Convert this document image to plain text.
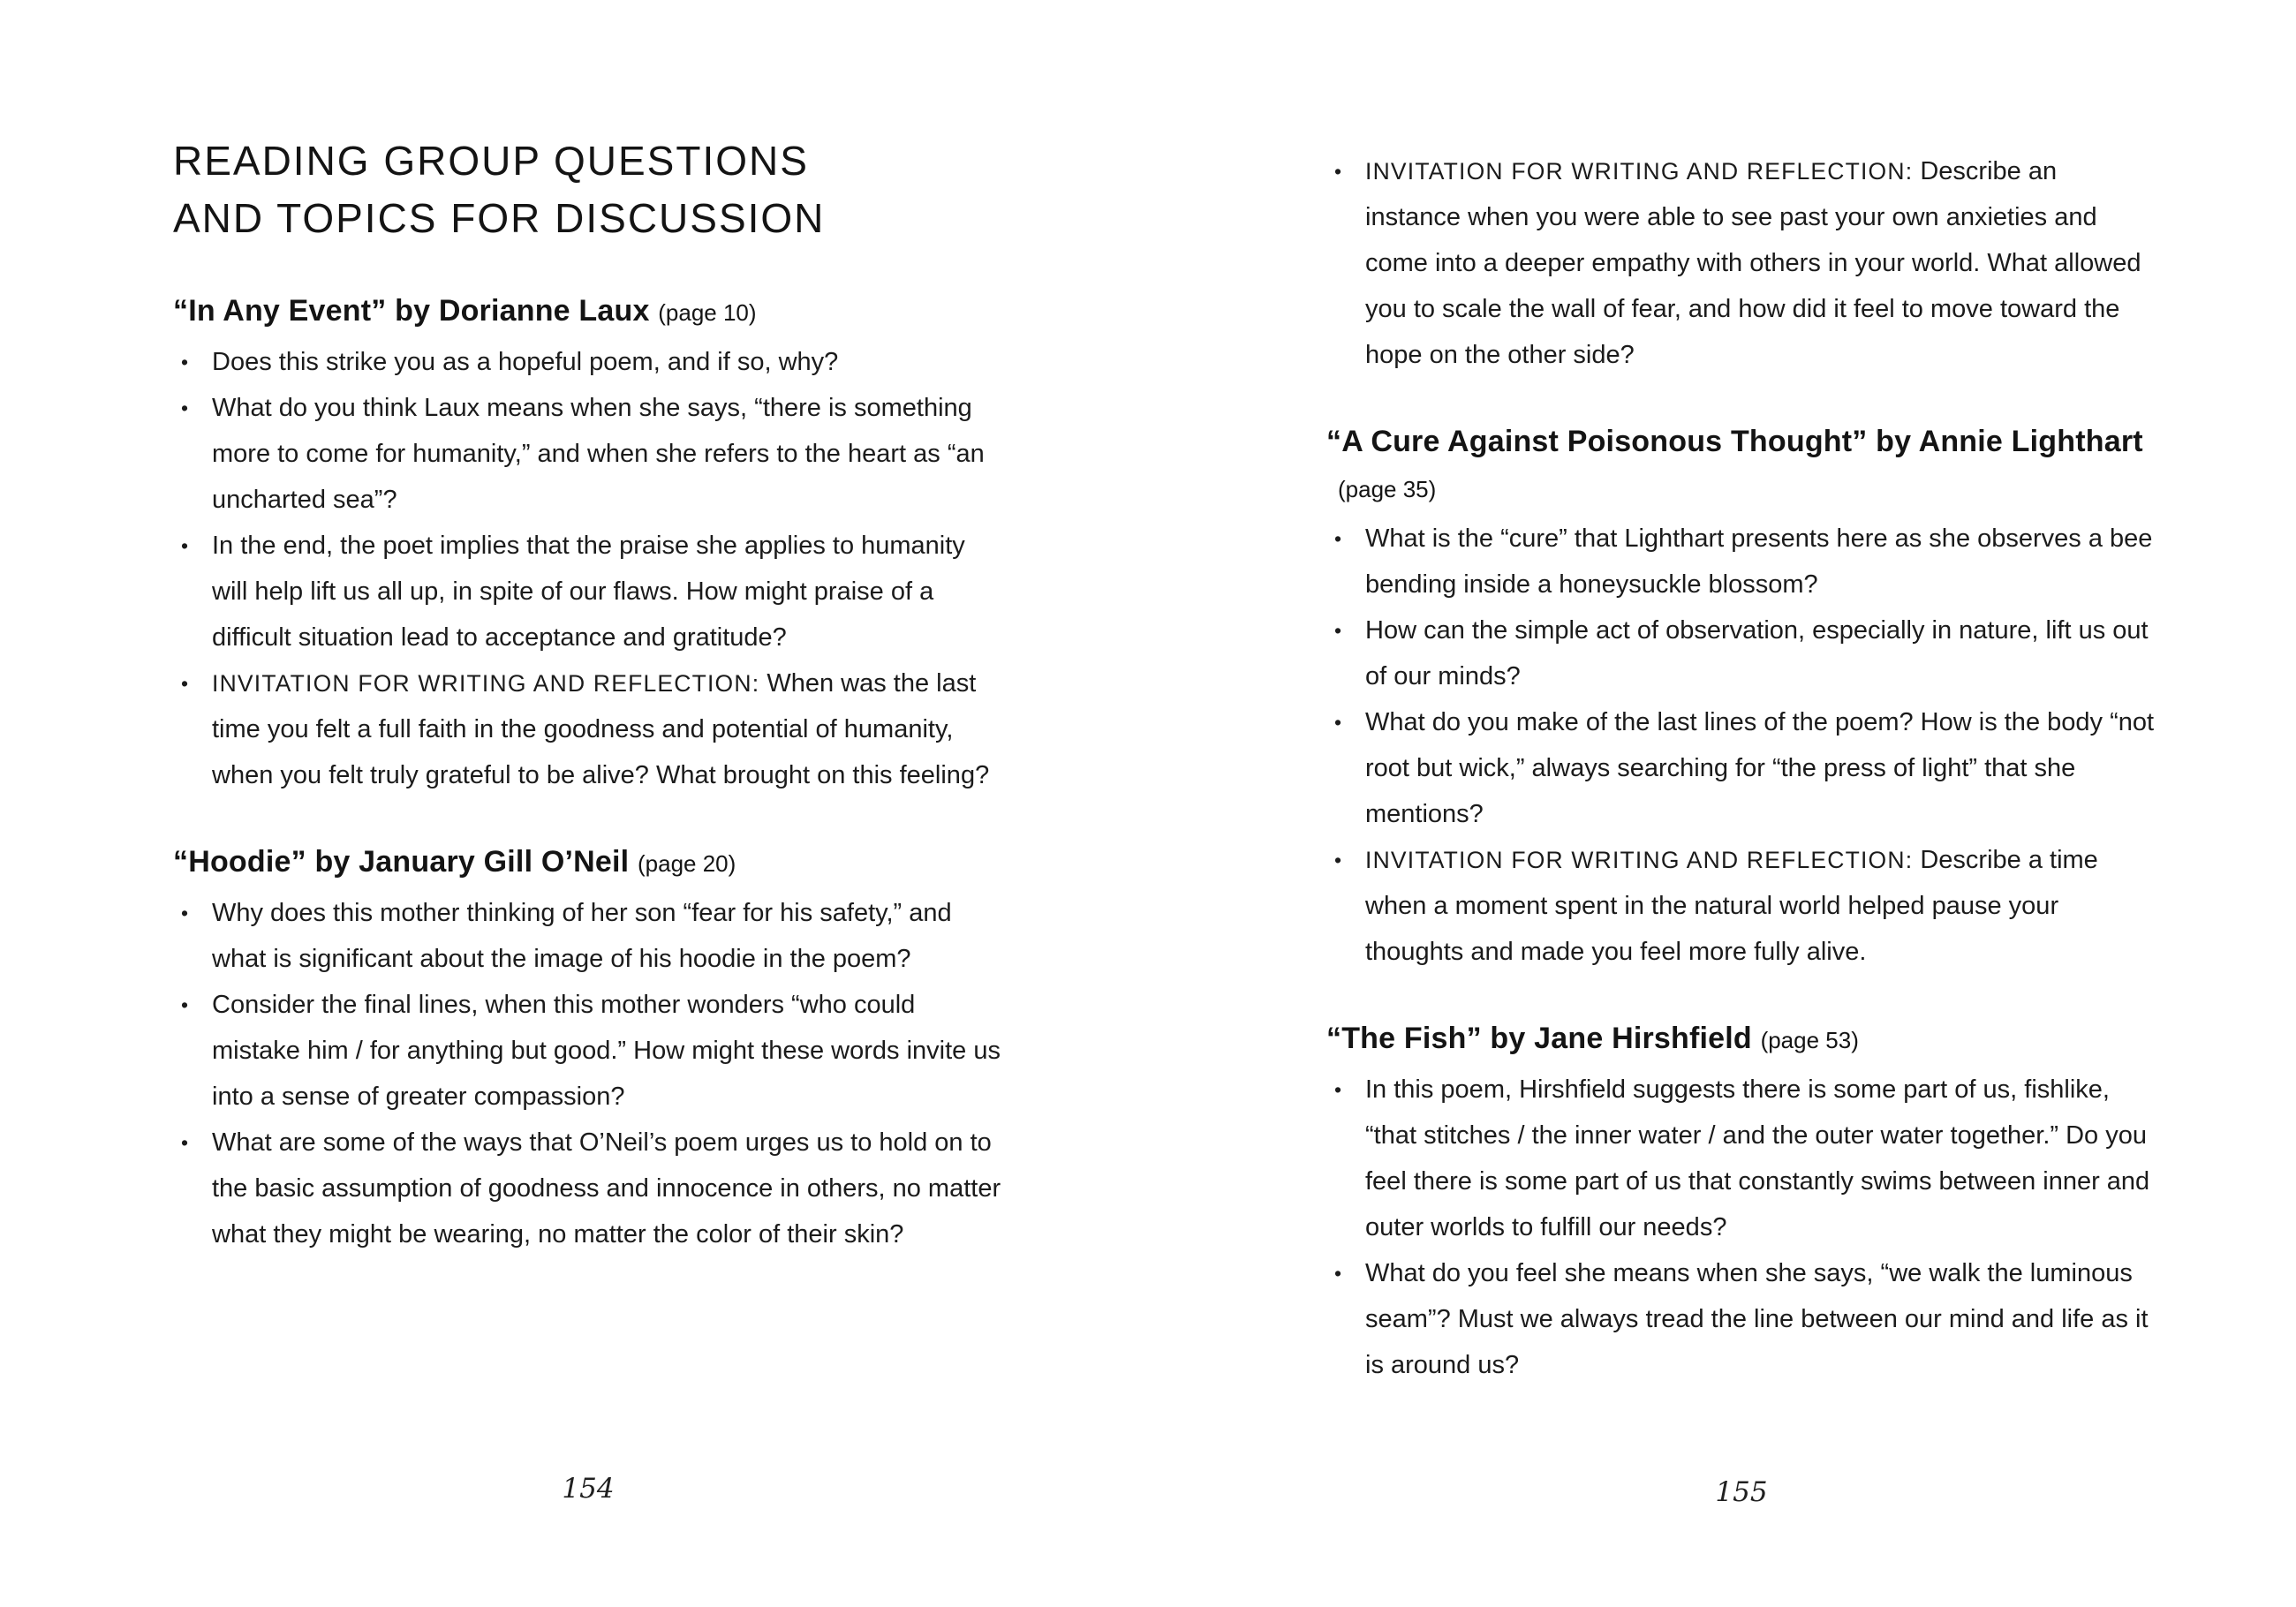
READING GROUP QUESTIONS
AND TOPICS FOR DISCUSSION
“In Any Event” by Dorianne Laux (page 10)
• Does this strike you as a hopeful poem, and if so, why?
• What do you think Laux means when she says, “there is something more to come for humanity,” and when she refers to the heart as “an uncharted sea”?
• In the end, the poet implies that the praise she applies to humanity will help lift us all up, in spite of our flaws. How might praise of a difficult situation lead to acceptance and gratitude?
• INVITATION FOR WRITING AND REFLECTION: When was the last time you felt a full faith in the goodness and potential of humanity, when you felt truly grateful to be alive? What brought on this feeling?
“Hoodie” by January Gill O’Neil (page 20)
• Why does this mother thinking of her son “fear for his safety,” and what is significant about the image of his hoodie in the poem?
• Consider the final lines, when this mother wonders “who could mistake him / for anything but good.” How might these words invite us into a sense of greater compassion?
• What are some of the ways that O’Neil’s poem urges us to hold on to the basic assumption of goodness and innocence in others, no matter what they might be wearing, no matter the color of their skin?
• INVITATION FOR WRITING AND REFLECTION: Describe an instance when you were able to see past your own anxieties and come into a deeper empathy with others in your world. What allowed you to scale the wall of fear, and how did it feel to move toward the hope on the other side?
“A Cure Against Poisonous Thought” by Annie Lighthart (page 35)
• What is the “cure” that Lighthart presents here as she observes a bee bending inside a honeysuckle blossom?
• How can the simple act of observation, especially in nature, lift us out of our minds?
• What do you make of the last lines of the poem? How is the body “not root but wick,” always searching for “the press of light” that she mentions?
• INVITATION FOR WRITING AND REFLECTION: Describe a time when a moment spent in the natural world helped pause your thoughts and made you feel more fully alive.
“The Fish” by Jane Hirshfield (page 53)
• In this poem, Hirshfield suggests there is some part of us, fishlike, “that stitches / the inner water / and the outer water together.” Do you feel there is some part of us that constantly swims between inner and outer worlds to fulfill our needs?
• What do you feel she means when she says, “we walk the luminous seam”? Must we always tread the line between our mind and life as it is around us?
154	155
